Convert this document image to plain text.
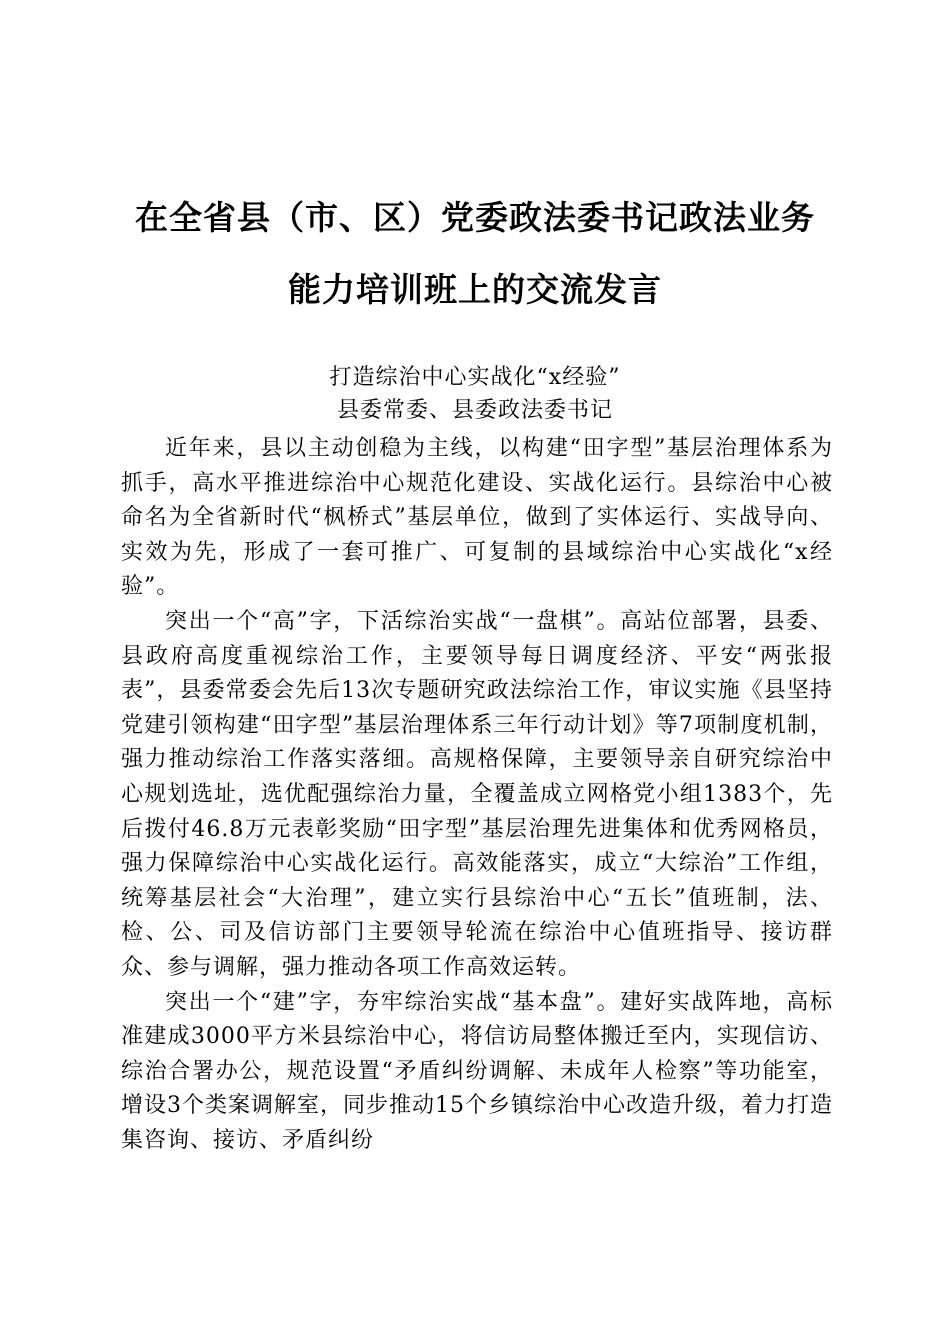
在全省县（市、区）党委政法委书记政法业务
能力培训班上的交流发言
打造综治中心实战化“x经验”
县委常委、县委政法委书记

近年来，县以主动创稳为主线，以构建“田字型”基层治理体系为抓手，高水平推进综治中心规范化建设、实战化运行。县综治中心被命名为全省新时代“枫桥式”基层单位，做到了实体运行、实战导向、实效为先，形成了一套可推广、可复制的县域综治中心实战化“x经验”。

突出一个“高”字，下活综治实战“一盘棋”。高站位部署，县委、县政府高度重视综治工作，主要领导每日调度经济、平安“两张报表”，县委常委会先后13次专题研究政法综治工作，审议实施《县坚持党建引领构建“田字型”基层治理体系三年行动计划》等7项制度机制，强力推动综治工作落实落细。高规格保障，主要领导亲自研究综治中心规划选址，选优配强综治力量，全覆盖成立网格党小组1383个，先后拨付46.8万元表彰奖励“田字型”基层治理先进集体和优秀网格员，强力保障综治中心实战化运行。高效能落实，成立“大综治”工作组，统筹基层社会“大治理”，建立实行县综治中心“五长”值班制，法、检、公、司及信访部门主要领导轮流在综治中心值班指导、接访群众、参与调解，强力推动各项工作高效运转。

突出一个“建”字，夯牢综治实战“基本盘”。建好实战阵地，高标准建成3000平方米县综治中心，将信访局整体搬迁至内，实现信访、综治合署办公，规范设置“矛盾纠纷调解、未成年人检察”等功能室，增设3个类案调解室，同步推动15个乡镇综治中心改造升级，着力打造集咨询、接访、矛盾纠纷
